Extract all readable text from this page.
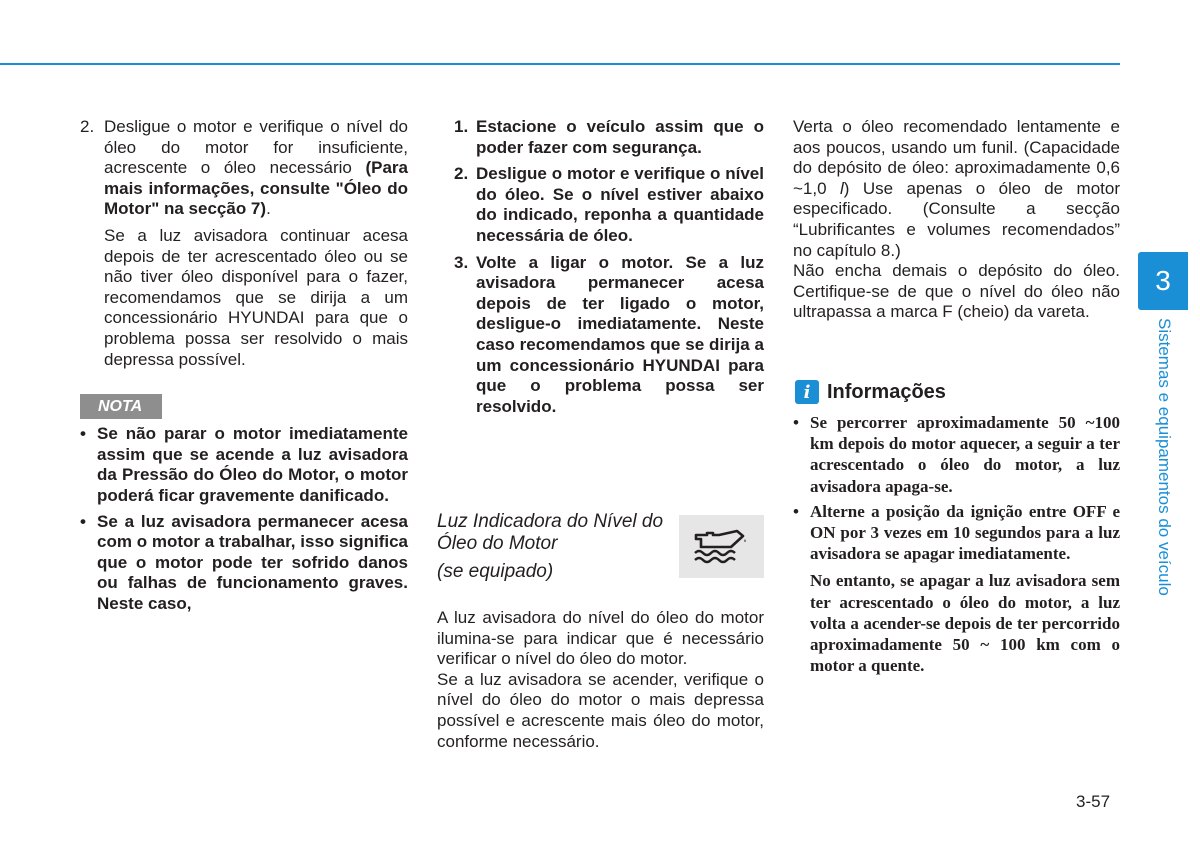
2. Desligue o motor e verifique o nível do óleo do motor for insuficiente, acrescente o óleo necessário (Para mais informações, consulte "Óleo do Motor" na secção 7).

Se a luz avisadora continuar acesa depois de ter acrescentado óleo ou se não tiver óleo disponível para o fazer, recomendamos que se dirija a um concessionário HYUNDAI para que o problema possa ser resolvido o mais depressa possível.

NOTA

• Se não parar o motor imediatamente assim que se acende a luz avisadora da Pressão do Óleo do Motor, o motor poderá ficar gravemente danificado.

• Se a luz avisadora permanecer acesa com o motor a trabalhar, isso significa que o motor pode ter sofrido danos ou falhas de funcionamento graves. Neste caso,

1. Estacione o veículo assim que o poder fazer com segurança.

2. Desligue o motor e verifique o nível do óleo. Se o nível estiver abaixo do indicado, reponha a quantidade necessária de óleo.

3. Volte a ligar o motor. Se a luz avisadora permanecer acesa depois de ter ligado o motor, desligue-o imediatamente. Neste caso recomendamos que se dirija a um concessionário HYUNDAI para que o problema possa ser resolvido.

Luz Indicadora do Nível do Óleo do Motor
(se equipado)

A luz avisadora do nível do óleo do motor ilumina-se para indicar que é necessário verificar o nível do óleo do motor.

Se a luz avisadora se acender, verifique o nível do óleo do motor o mais depressa possível e acrescente mais óleo do motor, conforme necessário.

Verta o óleo recomendado lentamente e aos poucos, usando um funil. (Capacidade do depósito de óleo: aproximadamente 0,6 ~1,0 l) Use apenas o óleo de motor especificado. (Consulte a secção “Lubrificantes e volumes recomendados” no capítulo 8.)

Não encha demais o depósito do óleo. Certifique-se de que o nível do óleo não ultrapassa a marca F (cheio) da vareta.

i Informações

• Se percorrer aproximadamente 50 ~100 km depois do motor aquecer, a seguir a ter acrescentado o óleo do motor, a luz avisadora apaga-se.

• Alterne a posição da ignição entre OFF e ON por 3 vezes em 10 segundos para a luz avisadora se apagar imediatamente.

No entanto, se apagar a luz avisadora sem ter acrescentado o óleo do motor, a luz volta a acender-se depois de ter percorrido aproximadamente 50 ~ 100 km com o motor a quente.

3
Sistemas e equipamentos do veículo
3-57
